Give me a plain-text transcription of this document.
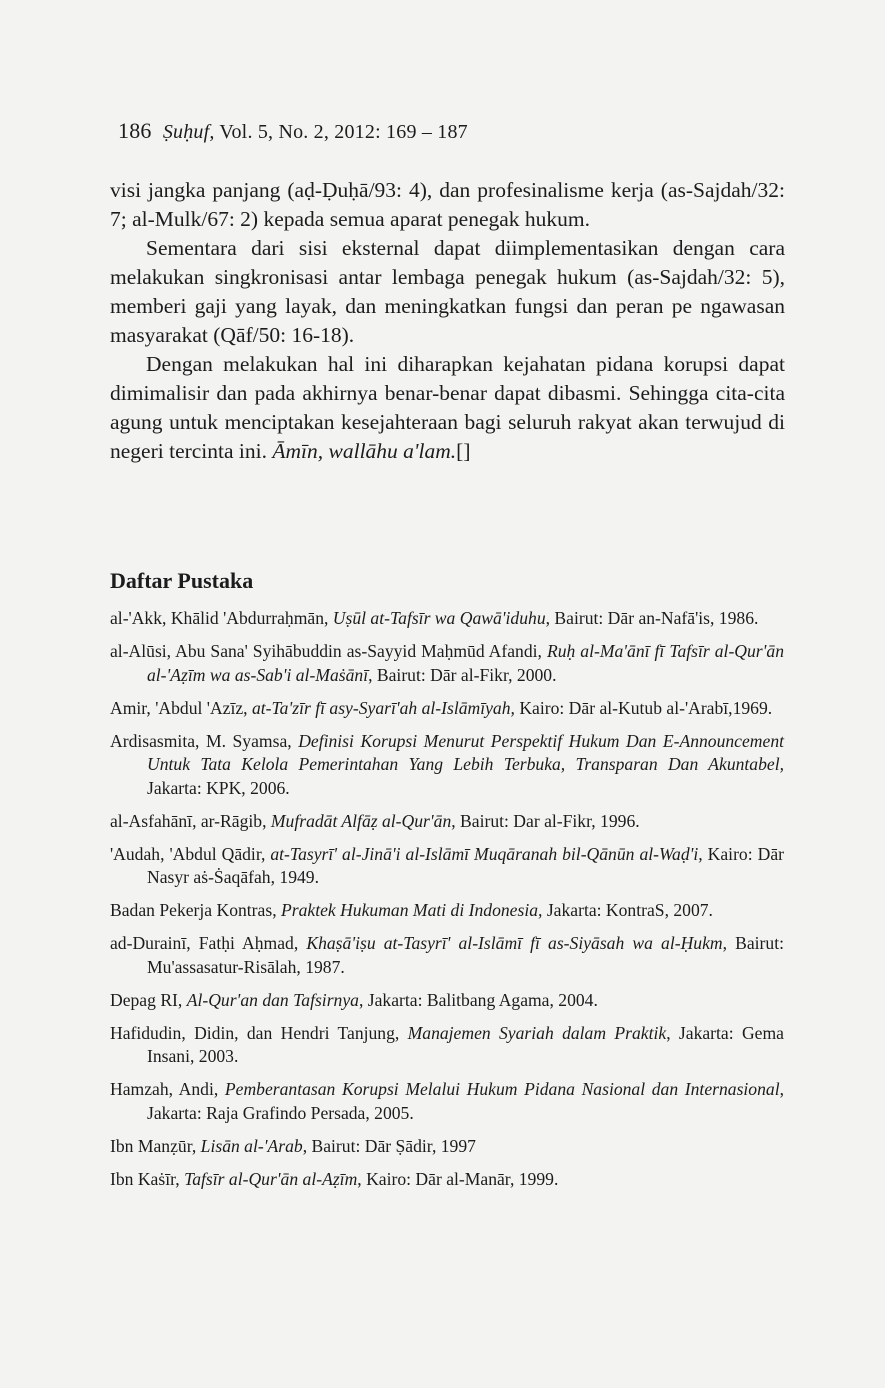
186 Ṣuḥuf, Vol. 5, No. 2, 2012: 169 – 187

visi jangka panjang (aḍ-Ḍuḥā/93: 4), dan profesinalisme kerja (as-Sajdah/32: 7; al-Mulk/67: 2) kepada semua aparat penegak hukum.

Sementara dari sisi eksternal dapat diimplementasikan dengan cara melakukan singkronisasi antar lembaga penegak hukum (as-Sajdah/32: 5), memberi gaji yang layak, dan meningkatkan fungsi dan peran pe ngawasan masyarakat (Qāf/50: 16-18).

Dengan melakukan hal ini diharapkan kejahatan pidana korupsi dapat dimimalisir dan pada akhirnya benar-benar dapat dibasmi. Sehingga cita-cita agung untuk menciptakan kesejahteraan bagi seluruh rakyat akan terwujud di negeri tercinta ini. Āmīn, wallāhu a'lam.[]

Daftar Pustaka

al-'Akk, Khālid 'Abdurraḥmān, Uṣūl at-Tafsīr wa Qawā'iduhu, Bairut: Dār an-Nafā'is, 1986.

al-Alūsi, Abu Sana' Syihābuddin as-Sayyid Maḥmūd Afandi, Ruḥ al-Ma'ānī fī Tafsīr al-Qur'ān al-'Aẓīm wa as-Sab'i al-Maṡānī, Bairut: Dār al-Fikr, 2000.

Amir, 'Abdul 'Azīz, at-Ta'zīr fī asy-Syarī'ah al-Islāmīyah, Kairo: Dār al-Kutub al-'Arabī,1969.

Ardisasmita, M. Syamsa, Definisi Korupsi Menurut Perspektif Hukum Dan E-Announcement Untuk Tata Kelola Pemerintahan Yang Lebih Terbuka, Transparan Dan Akuntabel, Jakarta: KPK, 2006.

al-Asfahānī, ar-Rāgib, Mufradāt Alfāẓ al-Qur'ān, Bairut: Dar al-Fikr, 1996.

'Audah, 'Abdul Qādir, at-Tasyrī' al-Jinā'i al-Islāmī Muqāranah bil-Qānūn al-Waḍ'i, Kairo: Dār Nasyr aṡ-Ṡaqāfah, 1949.

Badan Pekerja Kontras, Praktek Hukuman Mati di Indonesia, Jakarta: KontraS, 2007.

ad-Durainī, Fatḥi Aḥmad, Khaṣā'iṣu at-Tasyrī' al-Islāmī fī as-Siyāsah wa al-Ḥukm, Bairut: Mu'assasatur-Risālah, 1987.

Depag RI, Al-Qur'an dan Tafsirnya, Jakarta: Balitbang Agama, 2004.

Hafidudin, Didin, dan Hendri Tanjung, Manajemen Syariah dalam Praktik, Jakarta: Gema Insani, 2003.

Hamzah, Andi, Pemberantasan Korupsi Melalui Hukum Pidana Nasional dan Internasional, Jakarta: Raja Grafindo Persada, 2005.

Ibn Manẓūr, Lisān al-'Arab, Bairut: Dār Ṣādir, 1997

Ibn Kaṡīr, Tafsīr al-Qur'ān al-Aẓīm, Kairo: Dār al-Manār, 1999.
